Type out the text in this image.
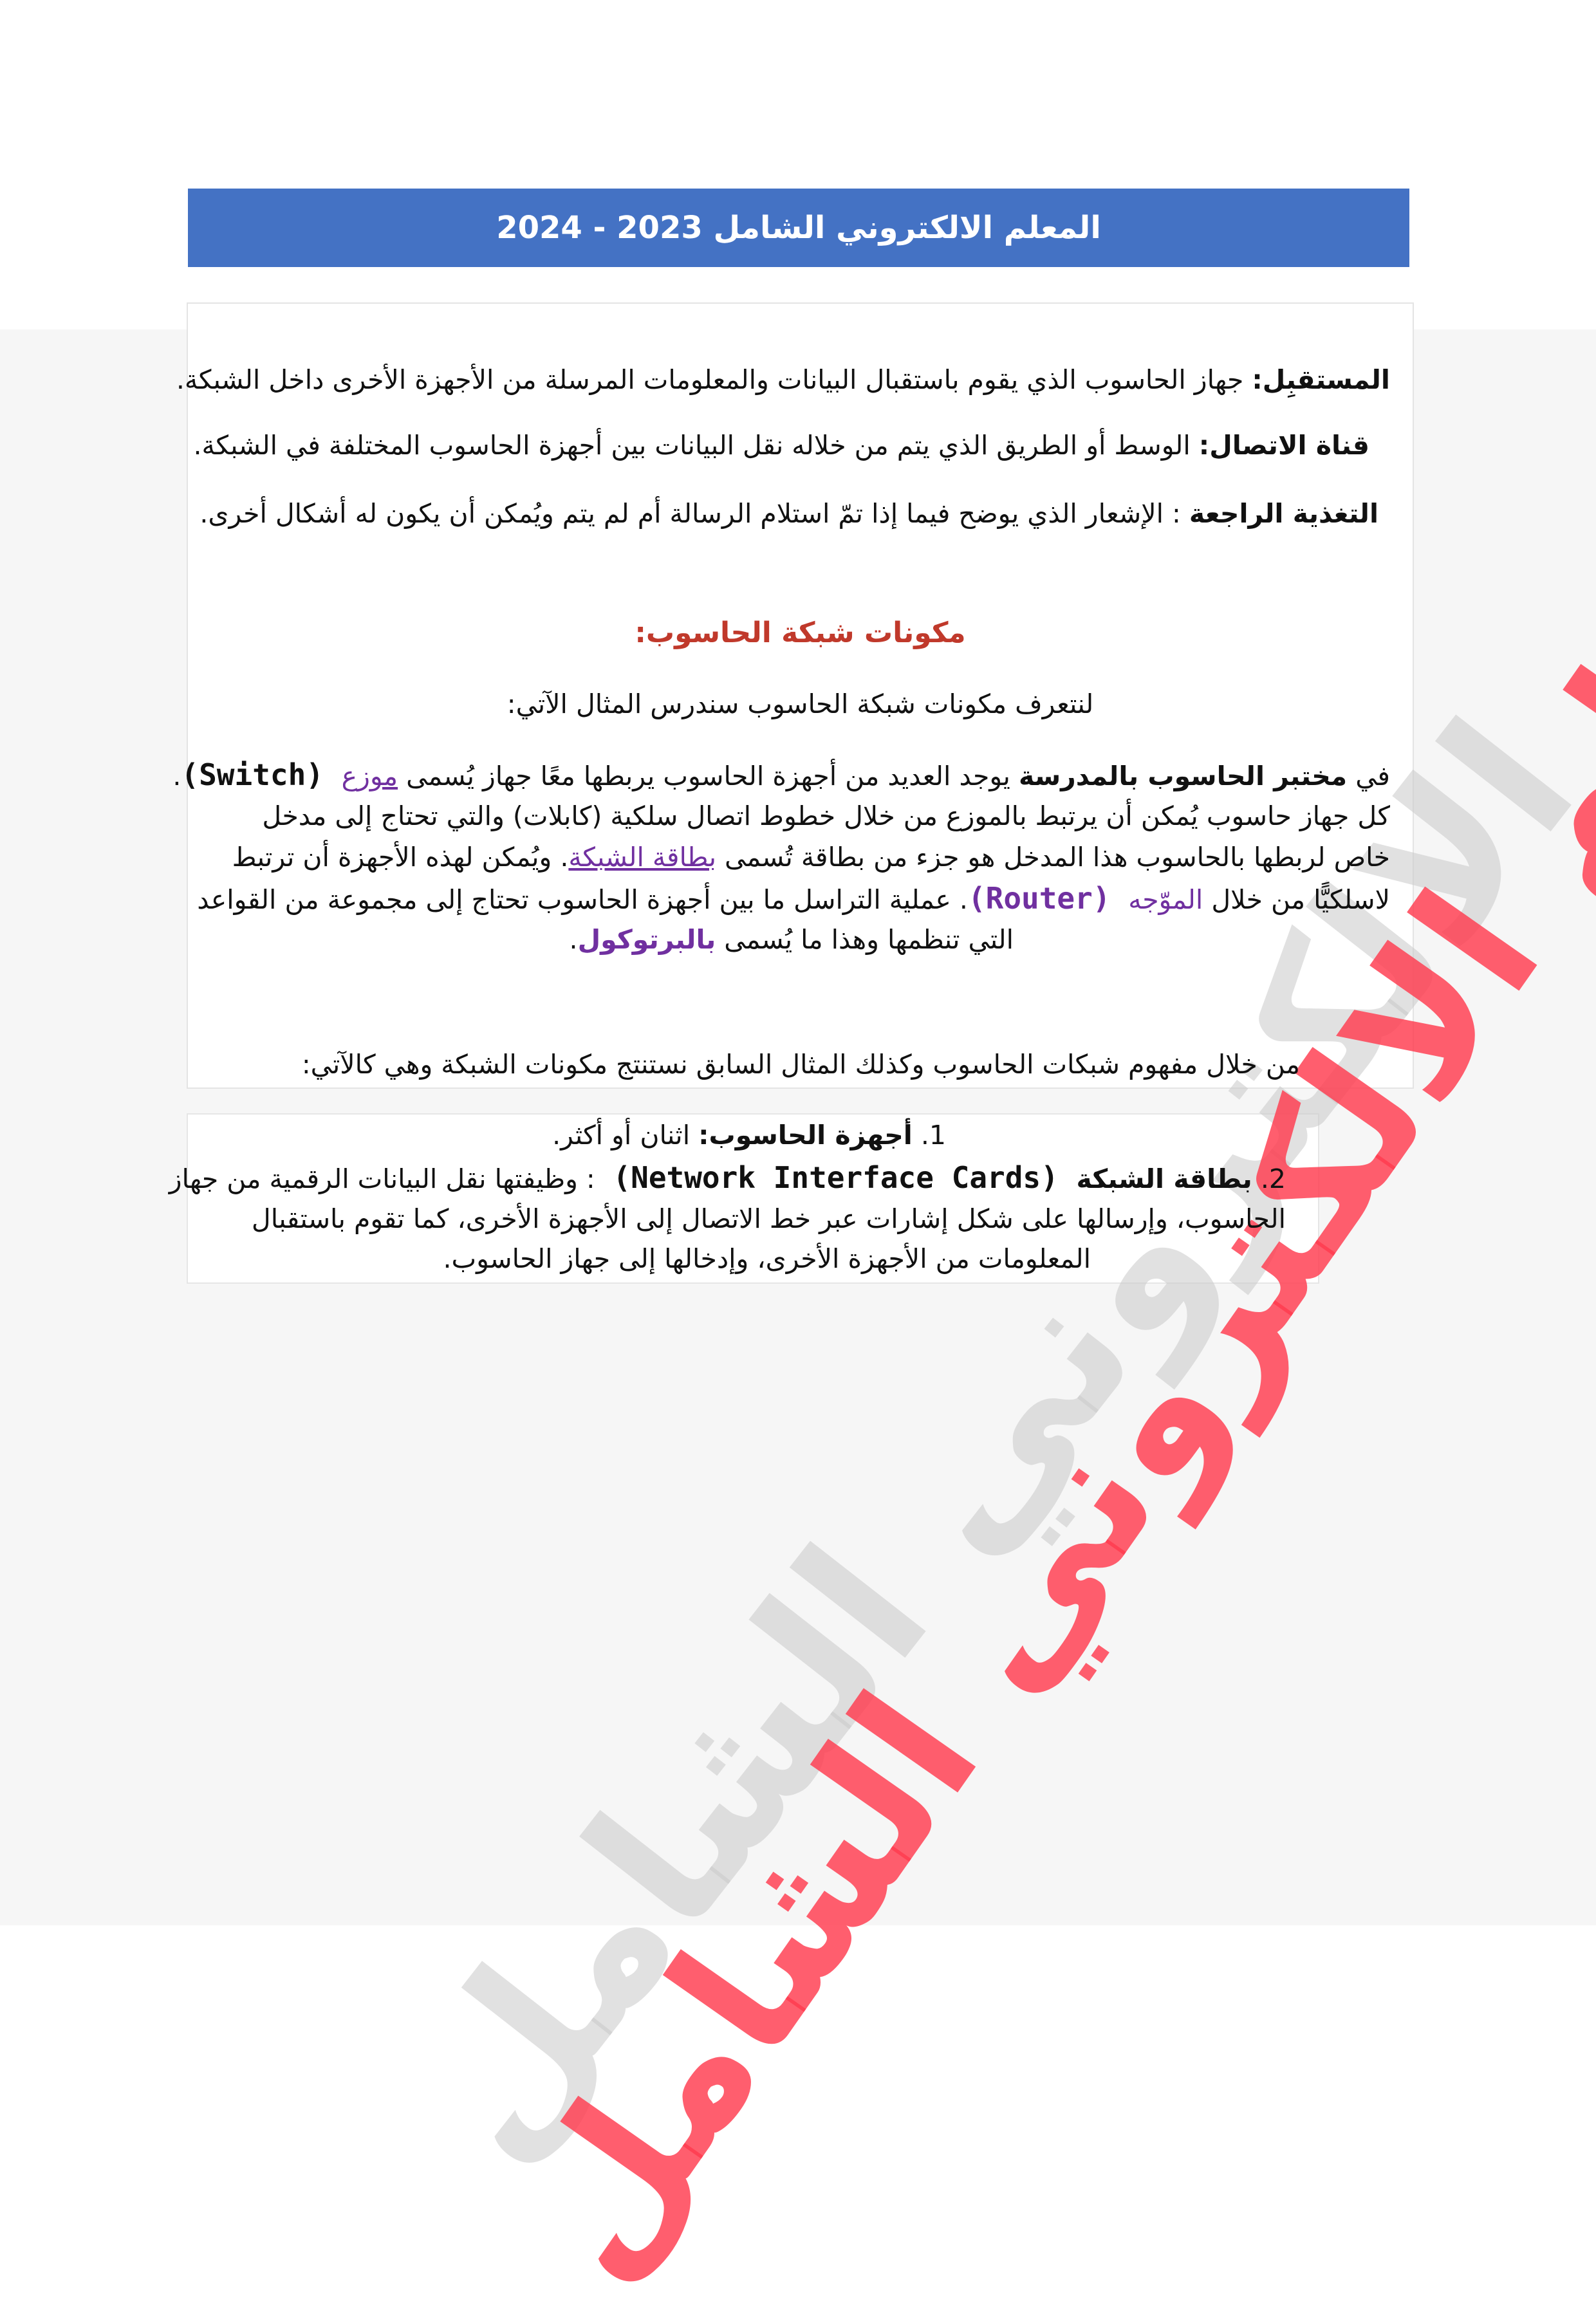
المعلم الالكتروني الشامل 2023 - 2024
الالكتروني الشامل
المستقبِل: جهاز الحاسوب الذي يقوم باستقبال البيانات والمعلومات المرسلة من الأجهزة الأخرى داخل الشبكة.
قناة الاتصال: الوسط أو الطريق الذي يتم من خلاله نقل البيانات بين أجهزة الحاسوب المختلفة في الشبكة.
التغذية الراجعة : الإشعار الذي يوضح فيما إذا تمّ استلام الرسالة أم لم يتم ويُمكن أن يكون له أشكال أخرى.
مكونات شبكة الحاسوب:
لنتعرف مكونات شبكة الحاسوب سندرس المثال الآتي:
في مختبر الحاسوب بالمدرسة يوجد العديد من أجهزة الحاسوب يربطها معًا جهاز يُسمى موزع (Switch).
كل جهاز حاسوب يُمكن أن يرتبط بالموزع من خلال خطوط اتصال سلكية (كابلات) والتي تحتاج إلى مدخل
خاص لربطها بالحاسوب هذا المدخل هو جزء من بطاقة تُسمى بطاقة الشبكة. ويُمكن لهذه الأجهزة أن ترتبط
لاسلكيًّا من خلال الموّجه (Router). عملية التراسل ما بين أجهزة الحاسوب تحتاج إلى مجموعة من القواعد
التي تنظمها وهذا ما يُسمى بالبرتوكول.
من خلال مفهوم شبكات الحاسوب وكذلك المثال السابق نستنتج مكونات الشبكة وهي كالآتي:
1. أجهزة الحاسوب: اثنان أو أكثر.
2. بطاقة الشبكة (Network Interface Cards) : وظيفتها نقل البيانات الرقمية من جهاز
الحاسوب، وإرسالها على شكل إشارات عبر خط الاتصال إلى الأجهزة الأخرى، كما تقوم باستقبال
المعلومات من الأجهزة الأخرى، وإدخالها إلى جهاز الحاسوب.
